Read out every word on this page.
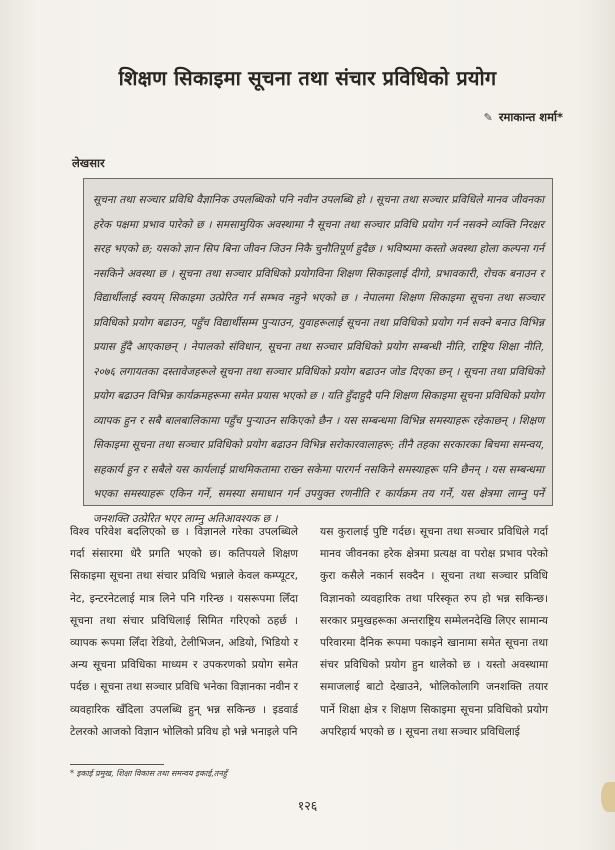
शिक्षण सिकाइमा सूचना तथा संचार प्रविधिको प्रयोग
✎ रमाकान्त शर्मा*
लेखसार

सूचना तथा सञ्चार प्रविधि वैज्ञानिक उपलब्धिको पनि नवीन उपलब्धि हो । सूचना तथा सञ्चार प्रविधिले मानव जीवनका हरेक पक्षमा प्रभाव पारेको छ । समसामुयिक अवस्थामा नै सूचना तथा सञ्चार प्रविधि प्रयोग गर्न नसक्ने व्यक्ति निरक्षर सरह भएको छ; यसको ज्ञान सिप बिना जीवन जिउन निकै चुनौतिपूर्ण हुदैछ । भविष्यमा कस्तो अवस्था होला कल्पना गर्न नसकिने अवस्था छ । सूचना तथा सञ्चार प्रविधिको प्रयोगविना शिक्षण सिकाइलाई दीगो, प्रभावकारी, रोचक बनाउन र विद्यार्थीलाई स्वयम् सिकाइमा उत्प्रेरित गर्न सम्भव नहुने भएको छ । नेपालमा शिक्षण सिकाइमा सूचना तथा सञ्चार प्रविधिको प्रयोग बढाउन, पहुँच विद्यार्थीसम्म पुऱ्याउन, युवाहरूलाई सूचना तथा प्रविधिको प्रयोग गर्न सक्ने बनाउ विभिन्न प्रयास हुँदै आएकाछन् । नेपालको संविधान, सूचना तथा सञ्चार प्रविधिको प्रयोग सम्बन्धी नीति, राष्ट्रिय शिक्षा नीति, २०७६ लगायतका दस्तावेजहरूले सूचना तथा सञ्चार प्रविधिको प्रयोग बढाउन जोड दिएका छन् । सूचना तथा प्रविधिको प्रयोग बढाउन विभिन्न कार्यक्रमहरूमा समेत प्रयास भएको छ । यति हुँदाहुदै पनि शिक्षण सिकाइमा सूचना प्रविधिको प्रयोग व्यापक हुन र सबै बालबालिकामा पहुँच पुऱ्याउन सकिएको छैन । यस सम्बन्धमा विभिन्न समस्याहरू रहेकाछन् । शिक्षण सिकाइमा सूचना तथा सञ्चार प्रविधिको प्रयोग बढाउन विभिन्न सरोकारवालाहरू; तीनै तहका सरकारका बिचमा समन्वय, सहकार्य हुन र सबैले यस कार्यलाई प्राथमिकतामा राख्न सकेमा पारगर्न नसकिने समस्याहरू पनि छैनन् । यस सम्बन्धमा भएका समस्याहरू एकिन गर्ने, समस्या समाधान गर्न उपयुक्त रणनीति र कार्यक्रम तय गर्ने, यस क्षेत्रमा लाम्नु पर्ने जनशक्ति उत्प्रेरित भएर लाम्नु अतिआवश्यक छ ।

विश्व परिवेश बदलिएको छ । विज्ञानले गरेका उपलब्धिले गर्दा संसारमा धेरै प्रगति भएको छ। कतिपयले शिक्षण सिकाइमा सूचना तथा संचार प्रविधि भन्नाले केवल कम्प्यूटर, नेट, इन्टरनेटलाई मात्र लिने पनि गरिन्छ । यसरूपमा लिँदा सूचना तथा संचार प्रविधिलाई सिमित गरिएको ठहर्छ । व्यापक रूपमा लिँदा रेडियो, टेलीभिजन, अडियो, भिडियो र अन्य सूचना प्रविधिका माध्यम र उपकरणको प्रयोग समेत पर्दछ । सूचना तथा सञ्चार प्रविधि भनेका विज्ञानका नवीन र व्यवहारिक खँदिला उपलब्धि हुन् भन्न सकिन्छ । इडवार्ड टेलरको आजको विज्ञान भोलिको प्रविध हो भन्ने भनाइले पनि

यस कुरालाई पुष्टि गर्दछ। सूचना तथा सञ्चार प्रविधिले गर्दा मानव जीवनका हरेक क्षेत्रमा प्रत्यक्ष वा परोक्ष प्रभाव परेको कुरा कसैले नकार्न सक्दैन । सूचना तथा सञ्चार प्रविधि विज्ञानको व्यवहारिक तथा परिस्कृत रुप हो भन्न सकिन्छ। सरकार प्रमुखहरूका अन्तराष्ट्रिय सम्मेलनदेखि लिएर सामान्य परिवारमा दैनिक रूपमा पकाइने खानामा समेत सूचना तथा संचर प्रविधिको प्रयोग हुन थालेको छ । यस्तो अवस्थामा समाजलाई बाटो देखाउने, भोलिकोलागि जनशक्ति तयार पार्ने शिक्षा क्षेत्र र शिक्षण सिकाइमा सूचना प्रविधिको प्रयोग अपरिहार्य भएको छ । सूचना तथा सञ्चार प्रविधिलाई

* इकाई प्रमुख, शिक्षा विकास तथा समन्वय इकाई,तनहुँ
१२६
